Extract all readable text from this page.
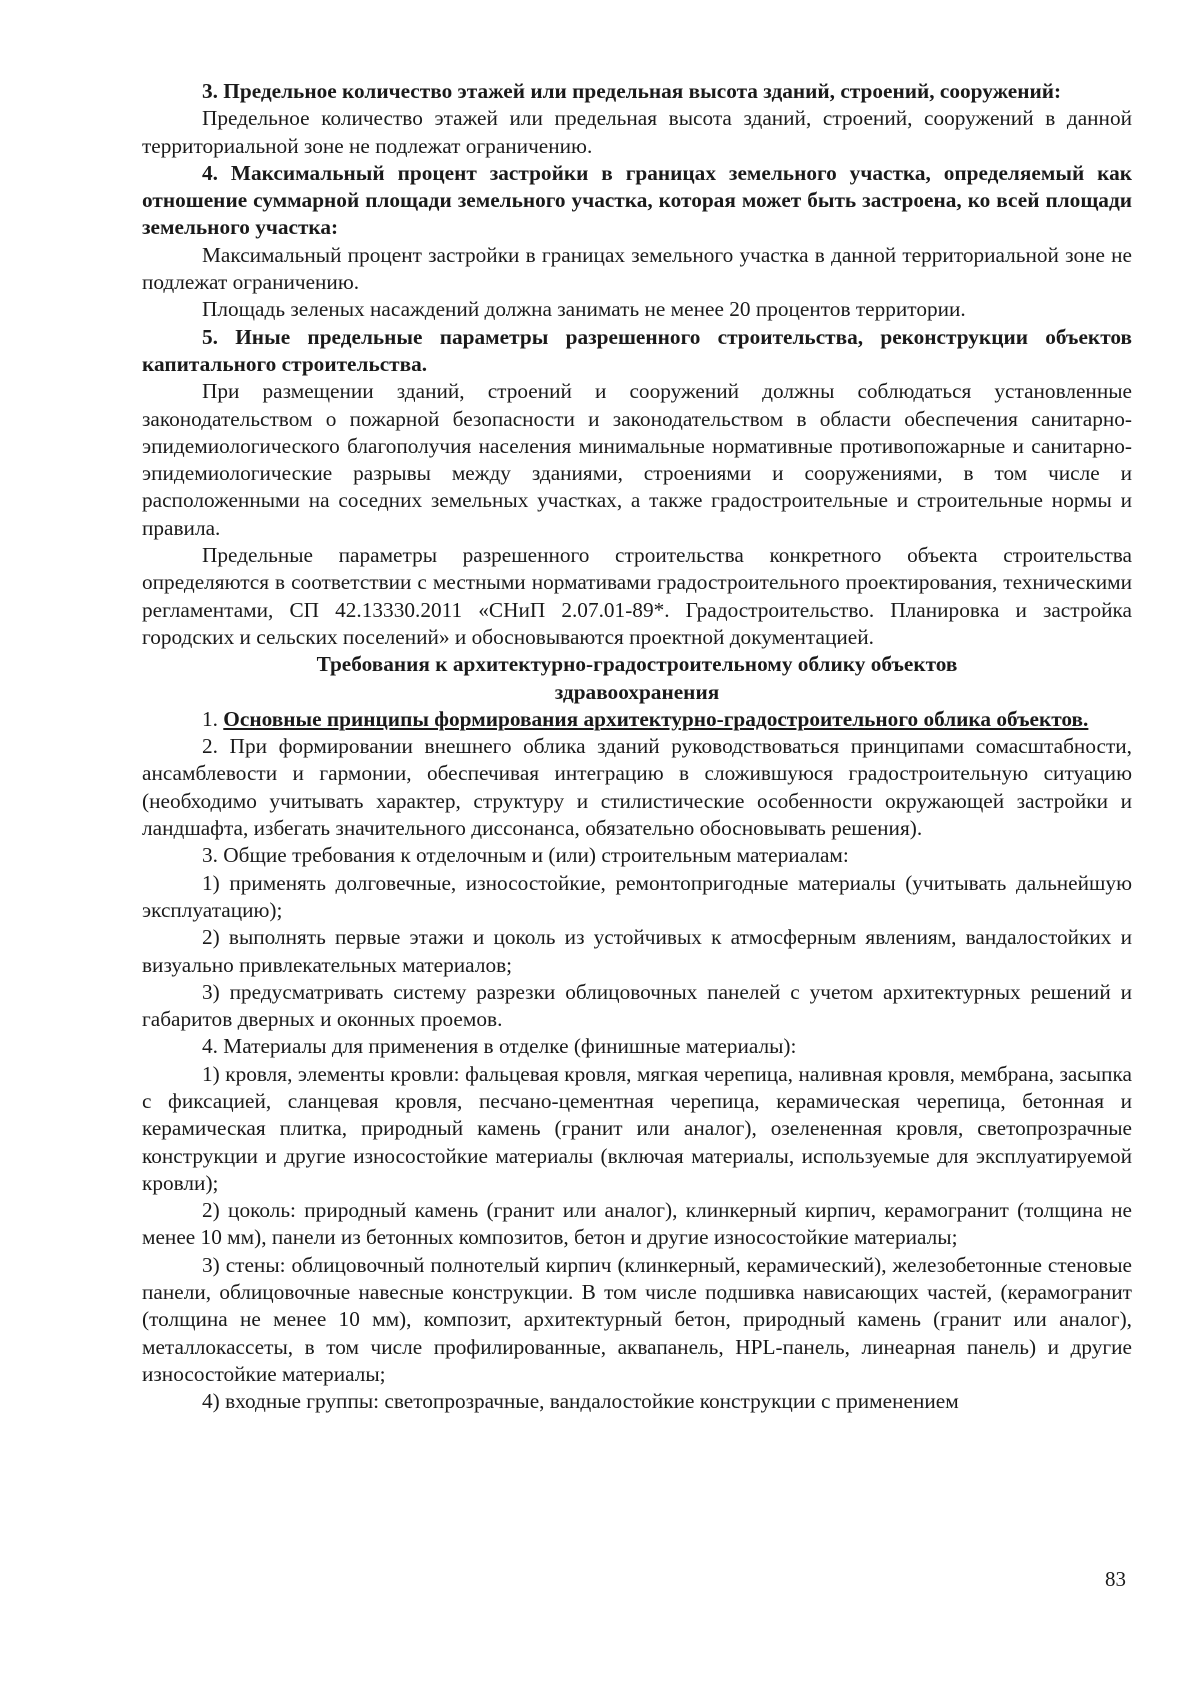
3. Предельное количество этажей или предельная высота зданий, строений, сооружений:

Предельное количество этажей или предельная высота зданий, строений, сооружений в данной территориальной зоне не подлежат ограничению.

4. Максимальный процент застройки в границах земельного участка, определяемый как отношение суммарной площади земельного участка, которая может быть застроена, ко всей площади земельного участка:

Максимальный процент застройки в границах земельного участка в данной территориальной зоне не подлежат ограничению.

Площадь зеленых насаждений должна занимать не менее 20 процентов территории.

5. Иные предельные параметры разрешенного строительства, реконструкции объектов капитального строительства.

При размещении зданий, строений и сооружений должны соблюдаться установленные законодательством о пожарной безопасности и законодательством в области обеспечения санитарно-эпидемиологического благополучия населения минимальные нормативные противопожарные и санитарно-эпидемиологические разрывы между зданиями, строениями и сооружениями, в том числе и расположенными на соседних земельных участках, а также градостроительные и строительные нормы и правила.

Предельные параметры разрешенного строительства конкретного объекта строительства определяются в соответствии с местными нормативами градостроительного проектирования, техническими регламентами, СП 42.13330.2011 «СНиП 2.07.01-89*. Градостроительство. Планировка и застройка городских и сельских поселений» и обосновываются проектной документацией.

Требования к архитектурно-градостроительному облику объектов
здравоохранения

1. Основные принципы формирования архитектурно-градостроительного облика объектов.

2. При формировании внешнего облика зданий руководствоваться принципами сомасштабности, ансамблевости и гармонии, обеспечивая интеграцию в сложившуюся градостроительную ситуацию (необходимо учитывать характер, структуру и стилистические особенности окружающей застройки и ландшафта, избегать значительного диссонанса, обязательно обосновывать решения).

3. Общие требования к отделочным и (или) строительным материалам:

1) применять долговечные, износостойкие, ремонтопригодные материалы (учитывать дальнейшую эксплуатацию);

2) выполнять первые этажи и цоколь из устойчивых к атмосферным явлениям, вандалостойких и визуально привлекательных материалов;

3) предусматривать систему разрезки облицовочных панелей с учетом архитектурных решений и габаритов дверных и оконных проемов.

4. Материалы для применения в отделке (финишные материалы):

1) кровля, элементы кровли: фальцевая кровля, мягкая черепица, наливная кровля, мембрана, засыпка с фиксацией, сланцевая кровля, песчано-цементная черепица, керамическая черепица, бетонная и керамическая плитка, природный камень (гранит или аналог), озелененная кровля, светопрозрачные конструкции и другие износостойкие материалы (включая материалы, используемые для эксплуатируемой кровли);

2) цоколь: природный камень (гранит или аналог), клинкерный кирпич, керамогранит (толщина не менее 10 мм), панели из бетонных композитов, бетон и другие износостойкие материалы;

3) стены: облицовочный полнотелый кирпич (клинкерный, керамический), железобетонные стеновые панели, облицовочные навесные конструкции. В том числе подшивка нависающих частей, (керамогранит (толщина не менее 10 мм), композит, архитектурный бетон, природный камень (гранит или аналог), металлокассеты, в том числе профилированные, аквапанель, HPL-панель, линеарная панель) и другие износостойкие материалы;

4) входные группы: светопрозрачные, вандалостойкие конструкции с применением

83
